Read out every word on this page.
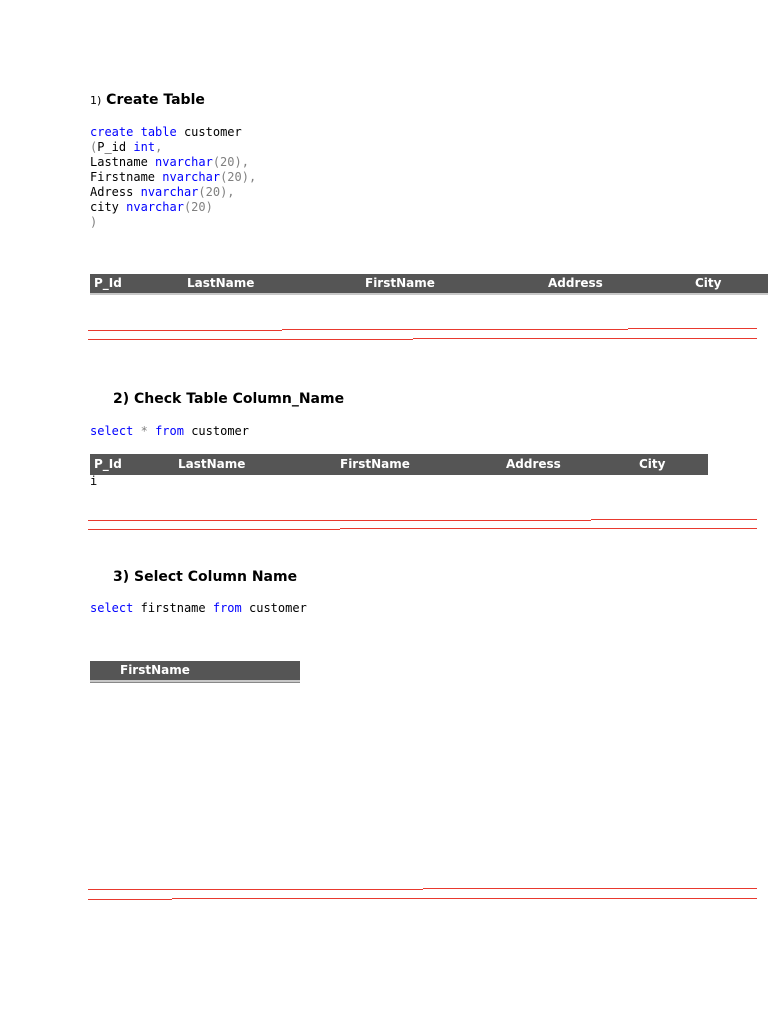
1) Create Table
create table customer
(P_id int,
Lastname nvarchar(20),
Firstname nvarchar(20),
Adress nvarchar(20),
city nvarchar(20)
)
P_Id	LastName	FirstName	Address	City
2) Check Table Column_Name
select * from customer
P_Id	LastName	FirstName	Address	City
i
3) Select Column Name
select firstname from customer
FirstName
